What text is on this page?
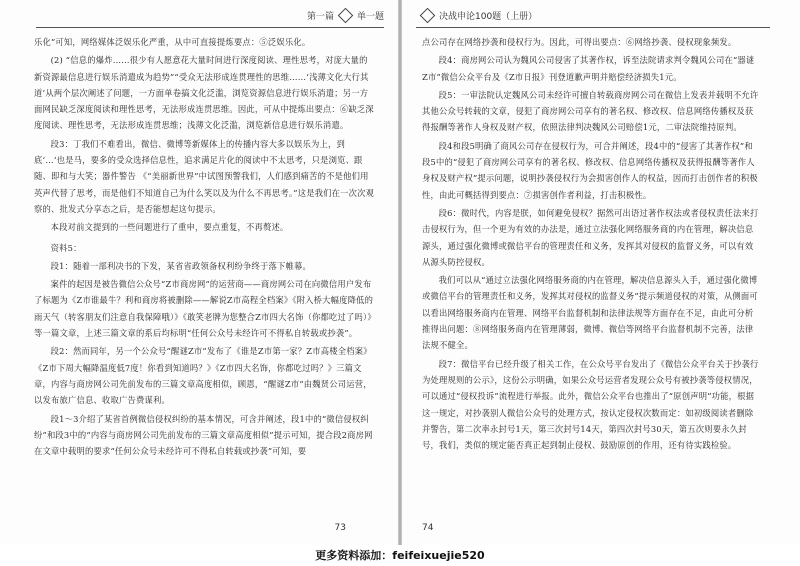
第一篇	单一题

乐化”可知，网络媒体泛娱乐化严重，从中可直接提炼要点：⑤泛娱乐化。

(2) “信息的爆炸……很少有人愿意花大量时间进行深度阅读、理性思考，对庞大量的新资源最信息进行娱乐消遣成为趋势”“受众无法形成连贯理性的思维……‘浅薄文化大行其道’从两个层次阐述了问题，一方面单卷搞文化泛滥，浏览资源信息进行娱乐消遣；另一方面网民缺乏深度阅读和理性思考，无法形成连贯思维。因此，可从中提炼出要点：⑥缺乏深度阅读、理性思考，无法形成连贯思维；浅薄文化泛滥，浏览新信息进行娱乐消遣。

段3：丁我们不难看出，微信、微博等新媒体上的传播内容大多以娱乐为上，到底‘…’也是马，要多的受众选择信息性，追求满足片化的阅读中不太思考，只是浏览、跟随、即和与大笑；器件警告 《“美丽新世界”中试图预警我们，人们感到痛苦的不是他们用英声代替了思考，而是他们不知道自己为什么笑以及为什么不再思考。”这是我们在一次次观察的、批发式分享态之后，是否能想起这句提示。

本段对前文提到的一些问题进行了重申，要点重复，不再赘述。

资料5：

段1：随着一部利决书的下发，某省省政领备权利纷争终于落下帷幕。

案件的起因是被告微信公众号“Z市商房网”的运营商——商房网公司在向微信用户发布了标题为《Z市谁最牛？利和商房将被删除——解说Z市高程全档案》《附入桥大幅度降低的雨天气（转客朋友们注意自我保障哦）》《敢笑老牌为您整合Z市四大名饰（你都吃过了吗）》等一篇文章，上述三篇文章的系后均标明“任何公众号未经许可不得私自转载或抄袭”。

段2：然而同年，另一个公众号“醒谜Z市”发布了《谁是Z市第一家？Z市高楼全档案》《Z市下周大幅降温度低7度！你看到知道吗？》《Z市四大名饰，你都吃过吗？》三篇文章，内容与商房网公司先前发布的三篇文章高度相似，顾恩，“醒谜Z市”由魏贤公司运营，以发布旅广信息、收取广告费谋利。

段1～3介绍了某省首例微信侵权纠纷的基本情况，可含并阐述，段1中的“微信侵权纠纷”和段3中的“内容与商房网公司先前发布的三篇文章高度相似”提示可知，提合段2商房网在文章中载明的要求“任何公众号未经许可不得私自转载或抄袭”可知，要

73
决战申论100题（上册）

点公司存在网络抄袭和侵权行为。因此，可得出要点：⑥网络抄袭、侵权现象频发。

段4：商房网公司认为魏风公司侵害了其著作权，诉至法院请求判令魏风公司在“器谜Z市”微信公众平台及《Z市日报》刊登道歉声明并赔偿经济损失1元。

段5：一审法院认定魏风公司未经许可擅自转载商房网公司在微信上发表并载明不允许其他公众号转载的文章，侵犯了商房网公司享有的著名权、修改权、信息网络传播权及获得报酬等著作人身权及财产权，依照法律判决魏风公司赔偿1元，二审法院维持原判。

段4和段5明确了商风公司存在侵权行为，可合并阐述，段4中的“侵害了其著作权”和段5中的“侵犯了商房网公司享有的著名权、修改权、信息网络传播权及获得报酬等著作人身权及财产权”提示问题，说明抄袭侵权行为会损害创作人的权益，因而打击创作者的积极性，由此可概括得到要点：⑦损害创作者利益，打击积极性。

段6：微时代，内容是朕，如何避免侵权？据然可出语过著作权法或者侵权责任法来打击侵权行为，但一个更为有效的办法是，通过立法强化网络服务商的内在管理，解决信息源头，通过强化微博或微信平台的管理责任和义务，发挥其对侵权的监督义务，可以有效从源头防控侵权。

我们可以从“通过立法强化网络服务商的内在管理，解决信息源头入手，通过强化微博或微信平台的管理责任和义务，发挥其对侵权的监督义务”提示频道侵权的对策，从侧面可以看出网络服务商内在管理、网络平台监督机制和法律法规等方面存在不足，由此可分析推得出问题：⑧网络服务商内在管理薄弱，微博、微信等网络平台监督机制不完善，法律法规不健全。

段7：微信平台已经升级了相关工作，在公众号平台发出了《微信公众平台关于抄袭行为处理规则的公示》，这份公示明确，如果公众号运营者发现公众号有被抄袭等侵权情况，可以通过“侵权投诉”流程进行举报。此外，微信公众平台也推出了“原创声明”功能，根据这一规定，对抄袭别人微信公众号的处理方式，按认定侵权次数而定：如初级阅读者删除并警告，第二次率永封号1天，第三次封号14天，第四次封号30天，第五次则要永久封号，我们，类似的规定能否真正起到制止侵权、鼓励原创的作用，还有待实践检验。

74
更多资料添加：feifeixuejie520
